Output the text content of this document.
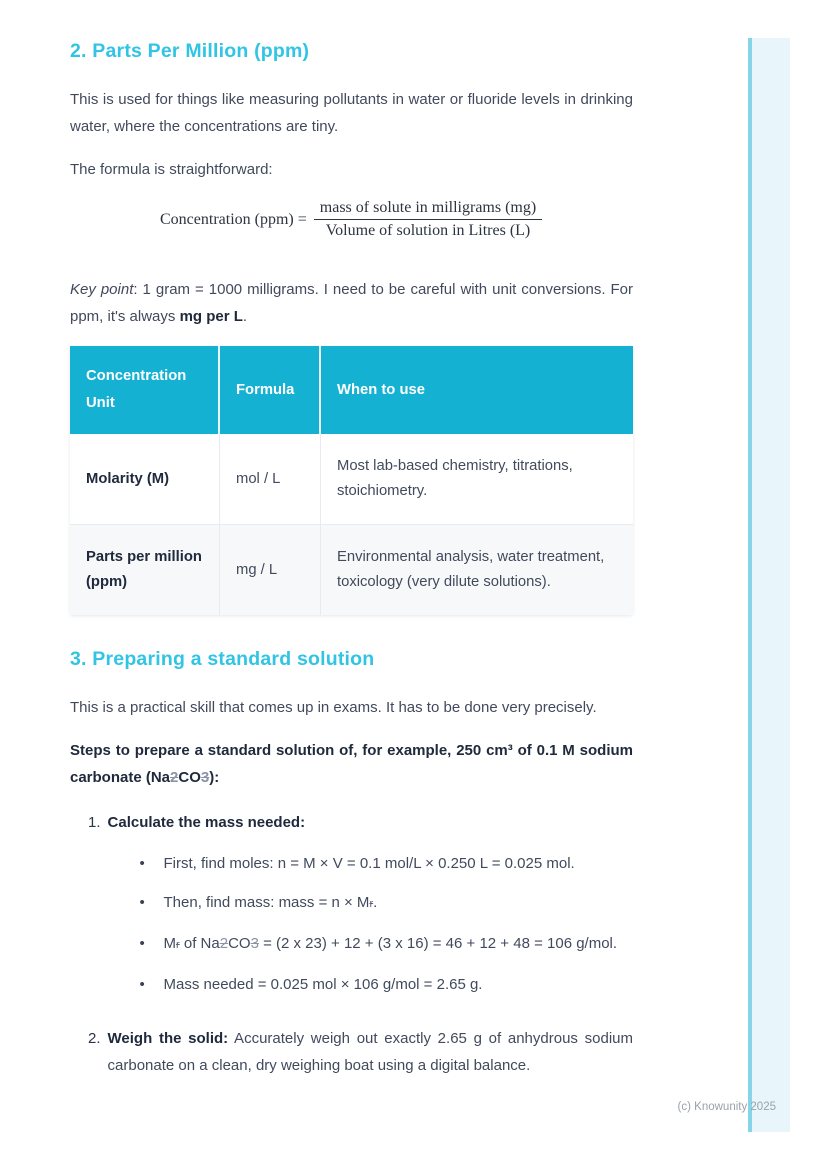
2. Parts Per Million (ppm)

This is used for things like measuring pollutants in water or fluoride levels in drinking water, where the concentrations are tiny.

The formula is straightforward:

Concentration $(ppm) = \frac{\text{mass of solute in milligrams (mg)}}{\text{Volume of solution in Litres (L)}}$

Key point: 1 gram = 1000 milligrams. I need to be careful with unit conversions. For ppm, it's always mg per L.

Concentration Unit	Formula	When to use
Molarity (M)	mol / L	Most lab-based chemistry, titrations, stoichiometry.
Parts per million (ppm)	mg / L	Environmental analysis, water treatment, toxicology (very dilute solutions).
3. Preparing a standard solution

This is a practical skill that comes up in exams. It has to be done very precisely.

Steps to prepare a standard solution of, for example, 250 cm³ of 0.1 M sodium carbonate (Na2CO3):

1. Calculate the mass needed:
• First, find moles: n = M × V = 0.1 mol/L × 0.250 L = 0.025 mol.
• Then, find mass: mass = n × Mr.
• Mr of Na2CO3 = (2 x 23) + 12 + (3 x 16) = 46 + 12 + 48 = 106 g/mol.
• Mass needed = 0.025 mol × 106 g/mol = 2.65 g.
2. Weigh the solid: Accurately weigh out exactly 2.65 g of anhydrous sodium carbonate on a clean, dry weighing boat using a digital balance.
(c) Knowunity 2025
